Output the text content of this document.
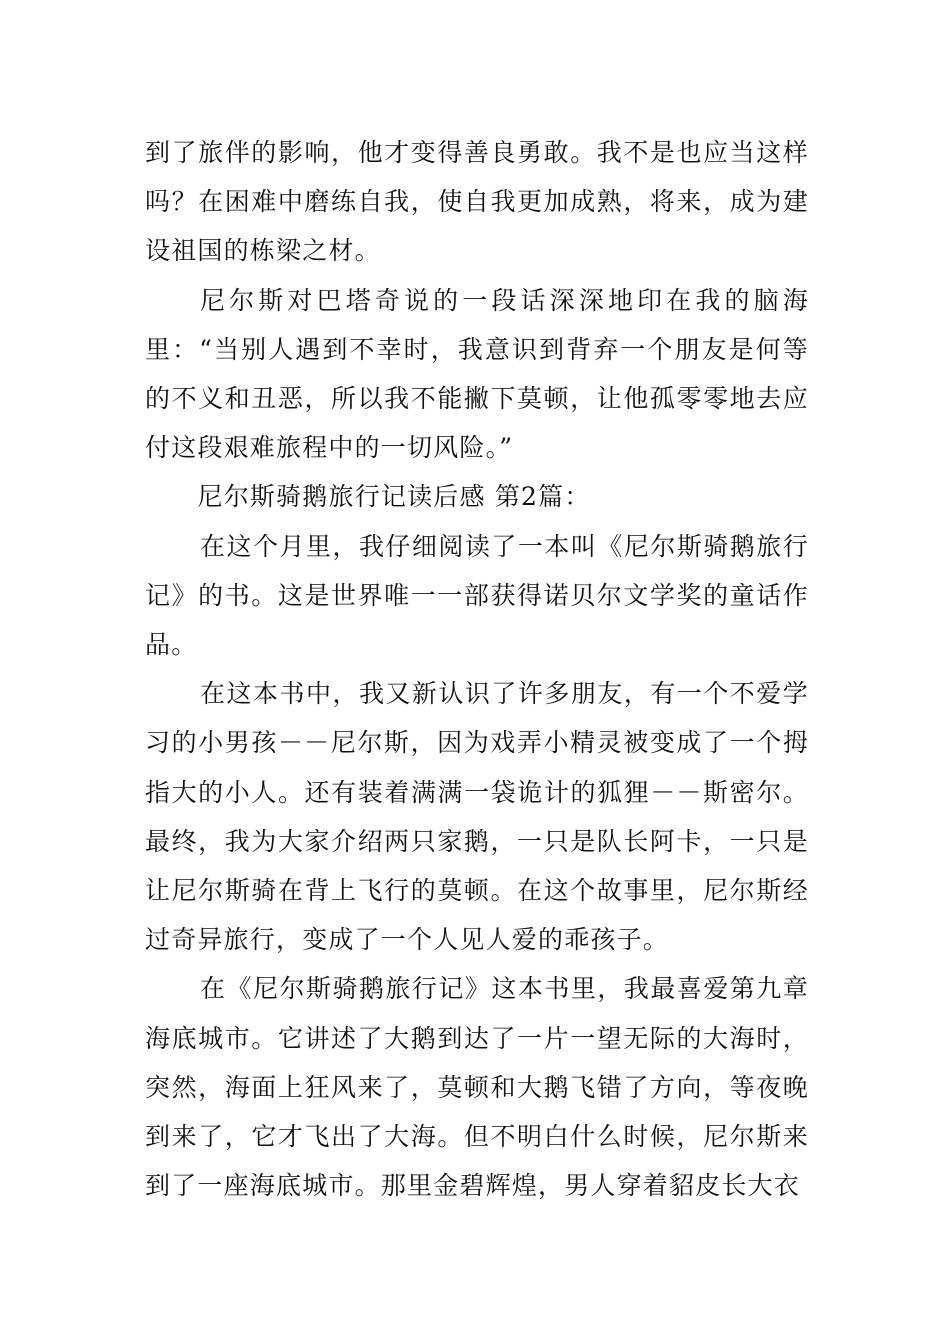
到了旅伴的影响，他才变得善良勇敢。我不是也应当这样吗？在困难中磨练自我，使自我更加成熟，将来，成为建设祖国的栋梁之材。

尼尔斯对巴塔奇说的一段话深深地印在我的脑海里：“当别人遇到不幸时，我意识到背弃一个朋友是何等的不义和丑恶，所以我不能撇下莫顿，让他孤零零地去应付这段艰难旅程中的一切风险。”

尼尔斯骑鹅旅行记读后感 第2篇：

在这个月里，我仔细阅读了一本叫《尼尔斯骑鹅旅行记》的书。这是世界唯一一部获得诺贝尔文学奖的童话作品。

在这本书中，我又新认识了许多朋友，有一个不爱学习的小男孩－－尼尔斯，因为戏弄小精灵被变成了一个拇指大的小人。还有装着满满一袋诡计的狐狸－－斯密尔。最终，我为大家介绍两只家鹅，一只是队长阿卡，一只是让尼尔斯骑在背上飞行的莫顿。在这个故事里，尼尔斯经过奇异旅行，变成了一个人见人爱的乖孩子。

在《尼尔斯骑鹅旅行记》这本书里，我最喜爱第九章海底城市。它讲述了大鹅到达了一片一望无际的大海时，突然，海面上狂风来了，莫顿和大鹅飞错了方向，等夜晚到来了，它才飞出了大海。但不明白什么时候，尼尔斯来到了一座海底城市。那里金碧辉煌，男人穿着貂皮长大衣
